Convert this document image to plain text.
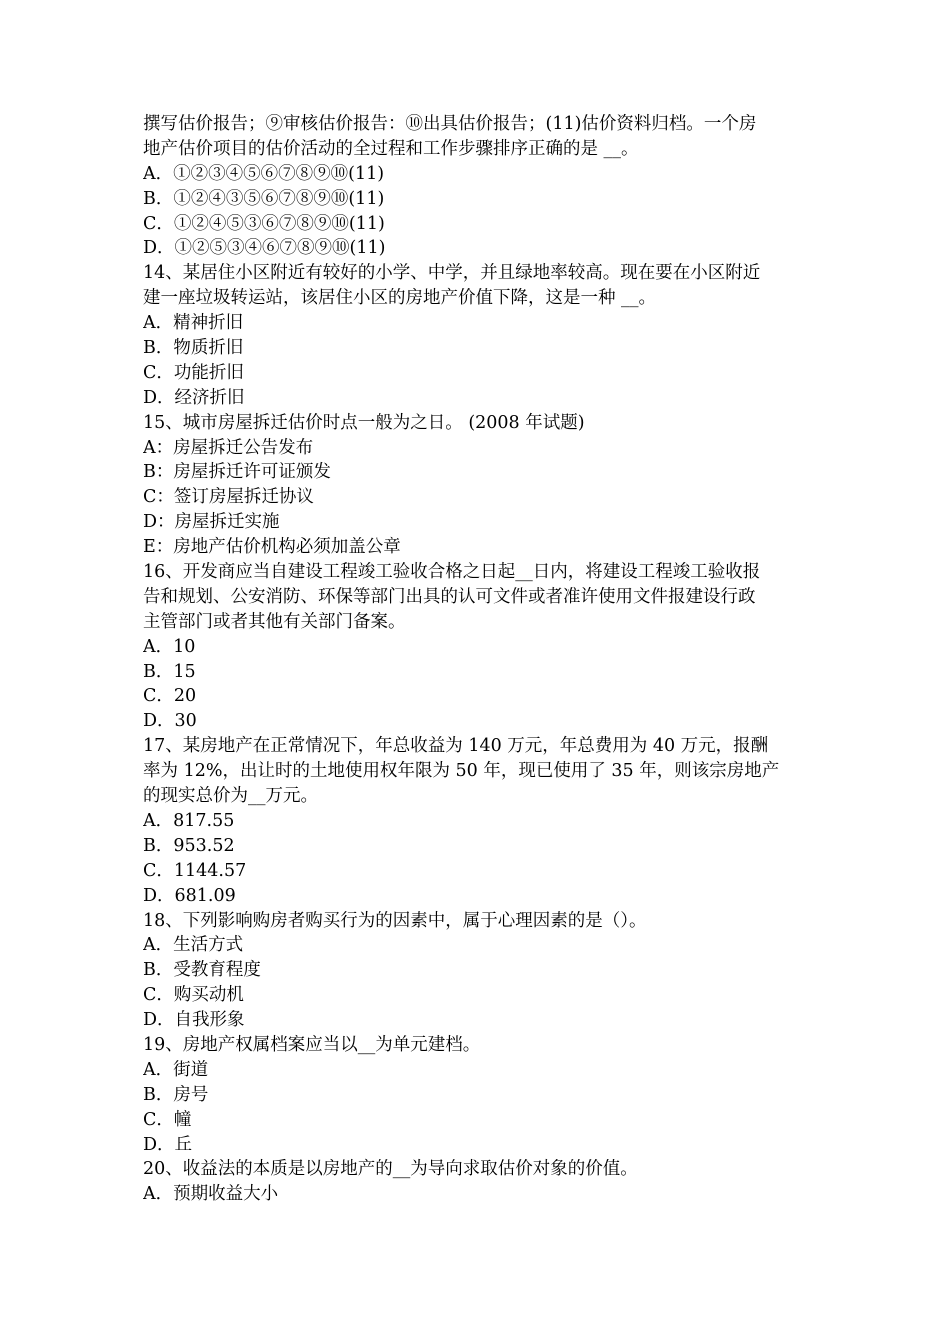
撰写估价报告；⑨审核估价报告：⑩出具估价报告；(11)估价资料归档。一个房
地产估价项目的估价活动的全过程和工作步骤排序正确的是 __。
A．①②③④⑤⑥⑦⑧⑨⑩(11)
B．①②④③⑤⑥⑦⑧⑨⑩(11)
C．①②④⑤③⑥⑦⑧⑨⑩(11)
D．①②⑤③④⑥⑦⑧⑨⑩(11)
14、某居住小区附近有较好的小学、中学，并且绿地率较高。现在要在小区附近
建一座垃圾转运站，该居住小区的房地产价值下降，这是一种 __。
A．精神折旧
B．物质折旧
C．功能折旧
D．经济折旧
15、城市房屋拆迁估价时点一般为之日。 (2008 年试题)
A：房屋拆迁公告发布
B：房屋拆迁许可证颁发
C：签订房屋拆迁协议
D：房屋拆迁实施
E：房地产估价机构必须加盖公章
16、开发商应当自建设工程竣工验收合格之日起__日内，将建设工程竣工验收报
告和规划、公安消防、环保等部门出具的认可文件或者准许使用文件报建设行政
主管部门或者其他有关部门备案。
A．10
B．15
C．20
D．30
17、某房地产在正常情况下，年总收益为 140 万元，年总费用为 40 万元，报酬
率为 12%，出让时的土地使用权年限为 50 年，现已使用了 35 年，则该宗房地产
的现实总价为__万元。
A．817.55
B．953.52
C．1144.57
D．681.09
18、下列影响购房者购买行为的因素中，属于心理因素的是（）。
A．生活方式
B．受教育程度
C．购买动机
D．自我形象
19、房地产权属档案应当以__为单元建档。
A．街道
B．房号
C．幢
D．丘
20、收益法的本质是以房地产的__为导向求取估价对象的价值。
A．预期收益大小
